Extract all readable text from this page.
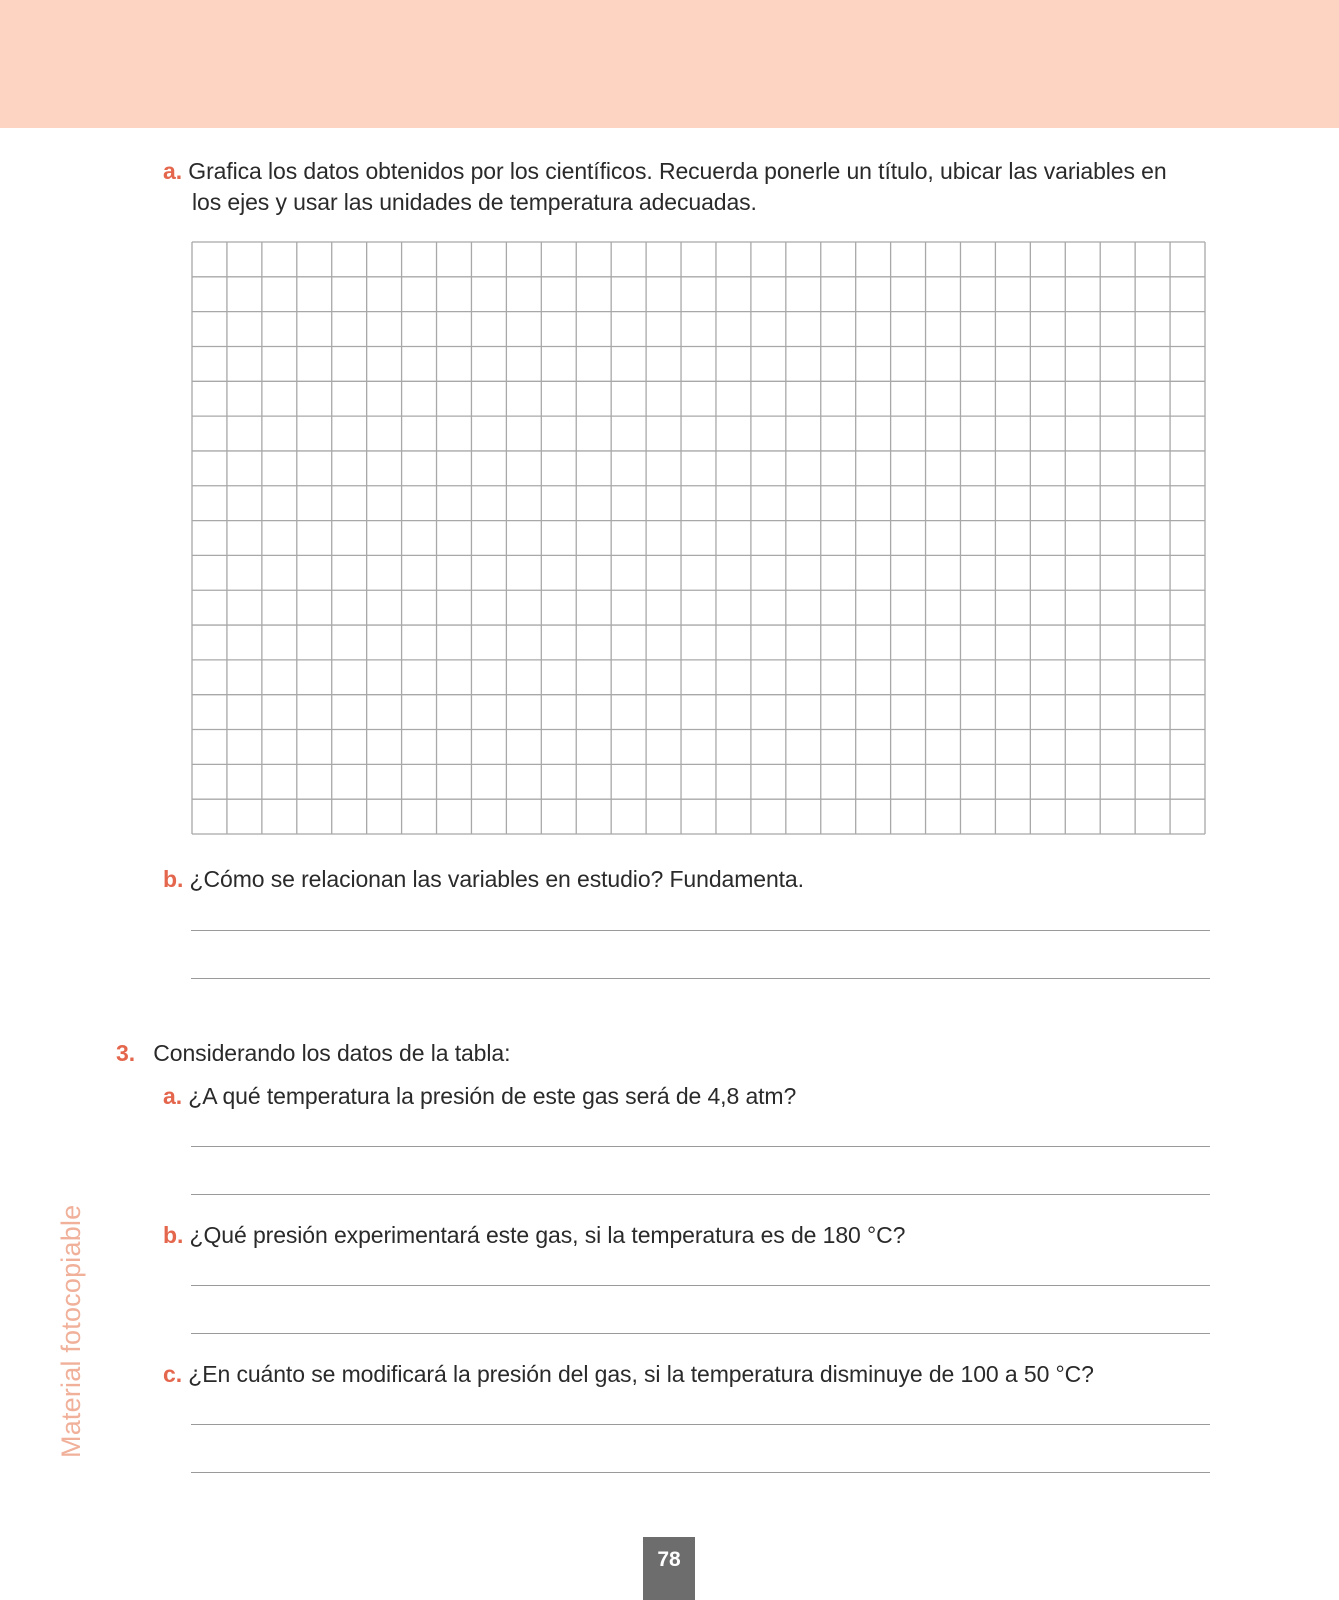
a. Grafica los datos obtenidos por los científicos. Recuerda ponerle un título, ubicar las variables en
los ejes y usar las unidades de temperatura adecuadas.
b. ¿Cómo se relacionan las variables en estudio? Fundamenta.
3. Considerando los datos de la tabla:
a. ¿A qué temperatura la presión de este gas será de 4,8 atm?
b. ¿Qué presión experimentará este gas, si la temperatura es de 180 °C?
c. ¿En cuánto se modificará la presión del gas, si la temperatura disminuye de 100 a 50 °C?
Material fotocopiable
78
